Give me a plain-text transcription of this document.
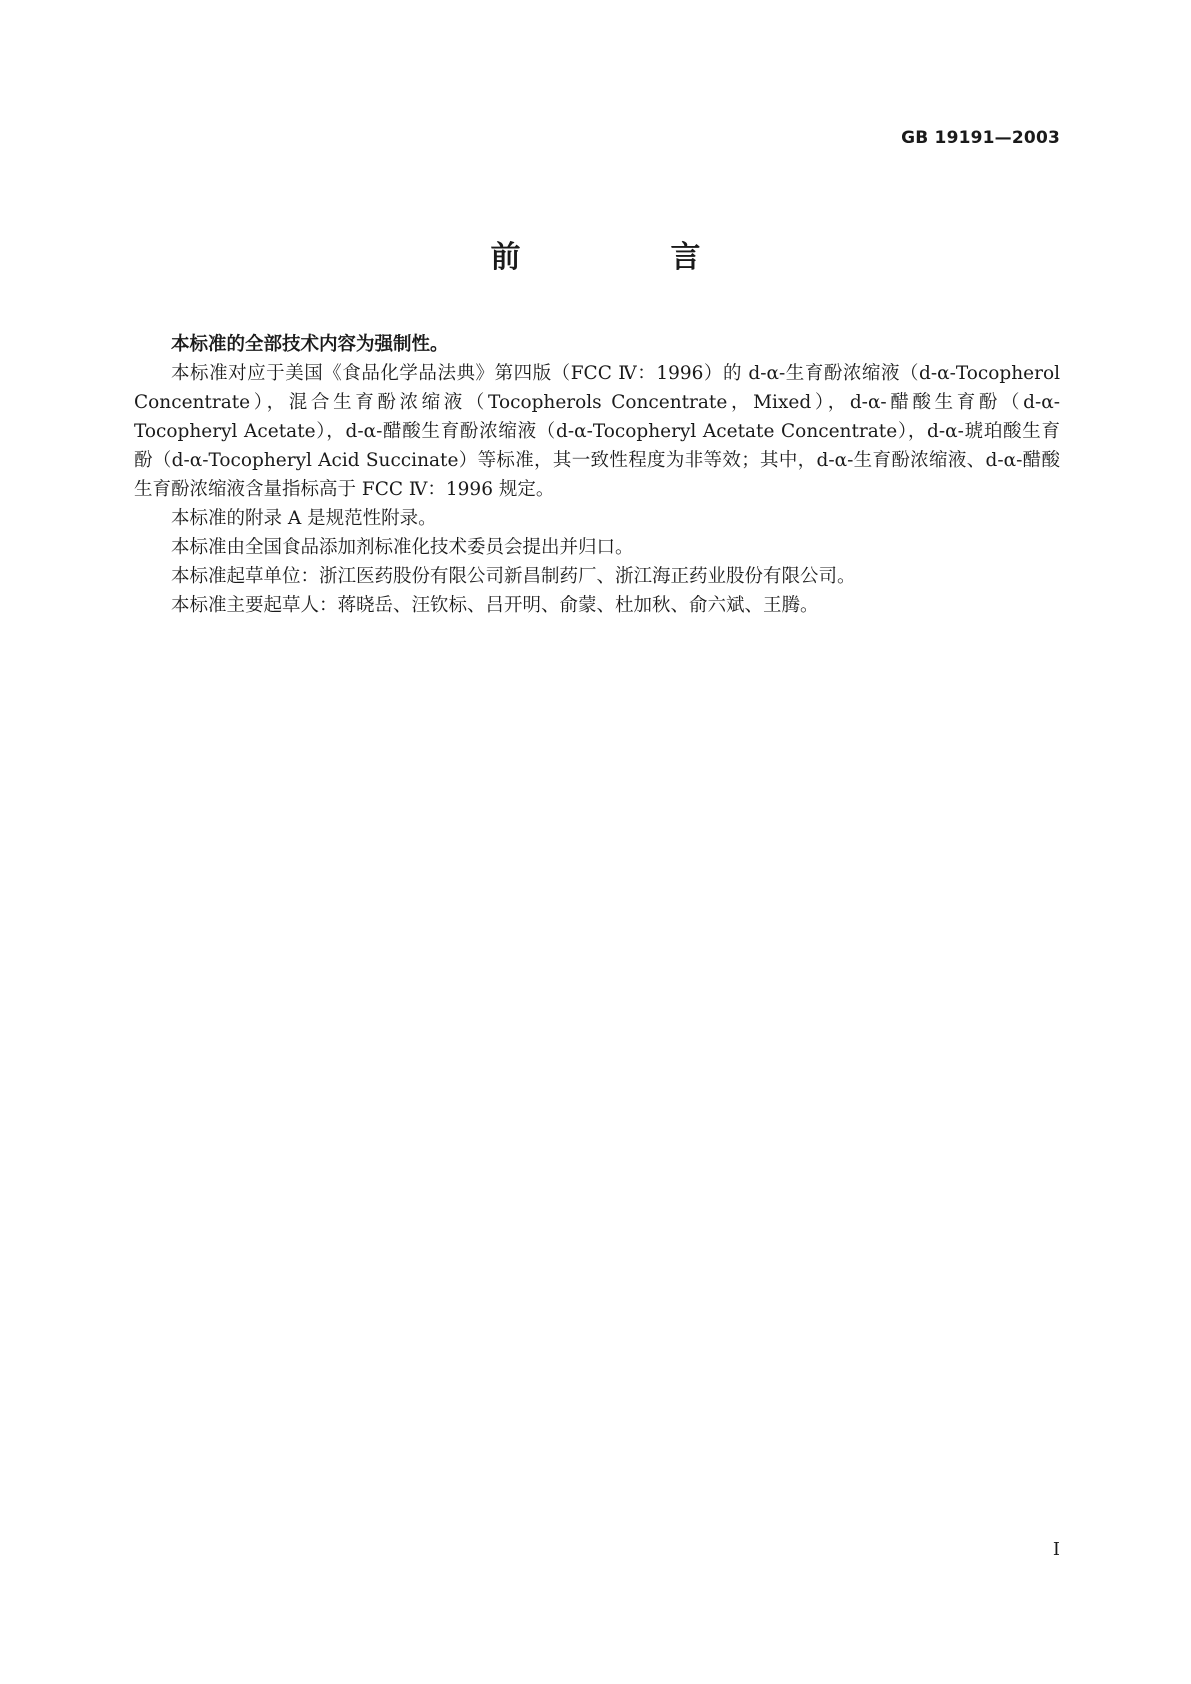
GB 19191—2003
前　言

本标准的全部技术内容为强制性。

本标准对应于美国《食品化学品法典》第四版（FCC Ⅳ：1996）的 d-α-生育酚浓缩液（d-α-Tocopherol Concentrate），混合生育酚浓缩液（Tocopherols Concentrate，Mixed），d-α-醋酸生育酚（d-α-Tocopheryl Acetate），d-α-醋酸生育酚浓缩液（d-α-Tocopheryl Acetate Concentrate），d-α-琥珀酸生育酚（d-α-Tocopheryl Acid Succinate）等标准，其一致性程度为非等效；其中，d-α-生育酚浓缩液、d-α-醋酸生育酚浓缩液含量指标高于 FCC Ⅳ：1996 规定。

本标准的附录 A 是规范性附录。

本标准由全国食品添加剂标准化技术委员会提出并归口。

本标准起草单位：浙江医药股份有限公司新昌制药厂、浙江海正药业股份有限公司。

本标准主要起草人：蒋晓岳、汪钦标、吕开明、俞蒙、杜加秋、俞六斌、王腾。

Ⅰ
